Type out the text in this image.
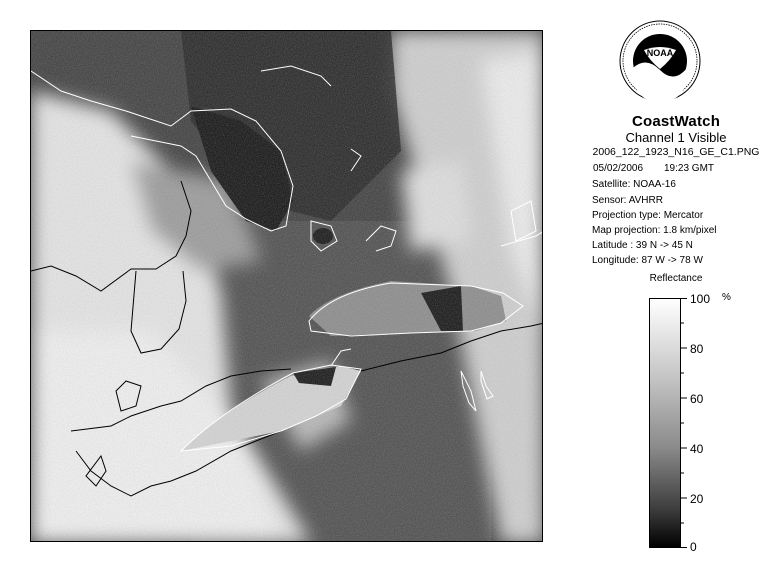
NOAA
CoastWatch
Channel 1 Visible
2006_122_1923_N16_GE_C1.PNG
05/02/2006 19:23 GMT
Satellite: NOAA-16
Sensor: AVHRR
Projection type: Mercator
Map projection: 1.8 km/pixel
Latitude : 39 N -> 45 N
Longitude: 87 W -> 78 W
Reflectance
%
100
80
60
40
20
0
